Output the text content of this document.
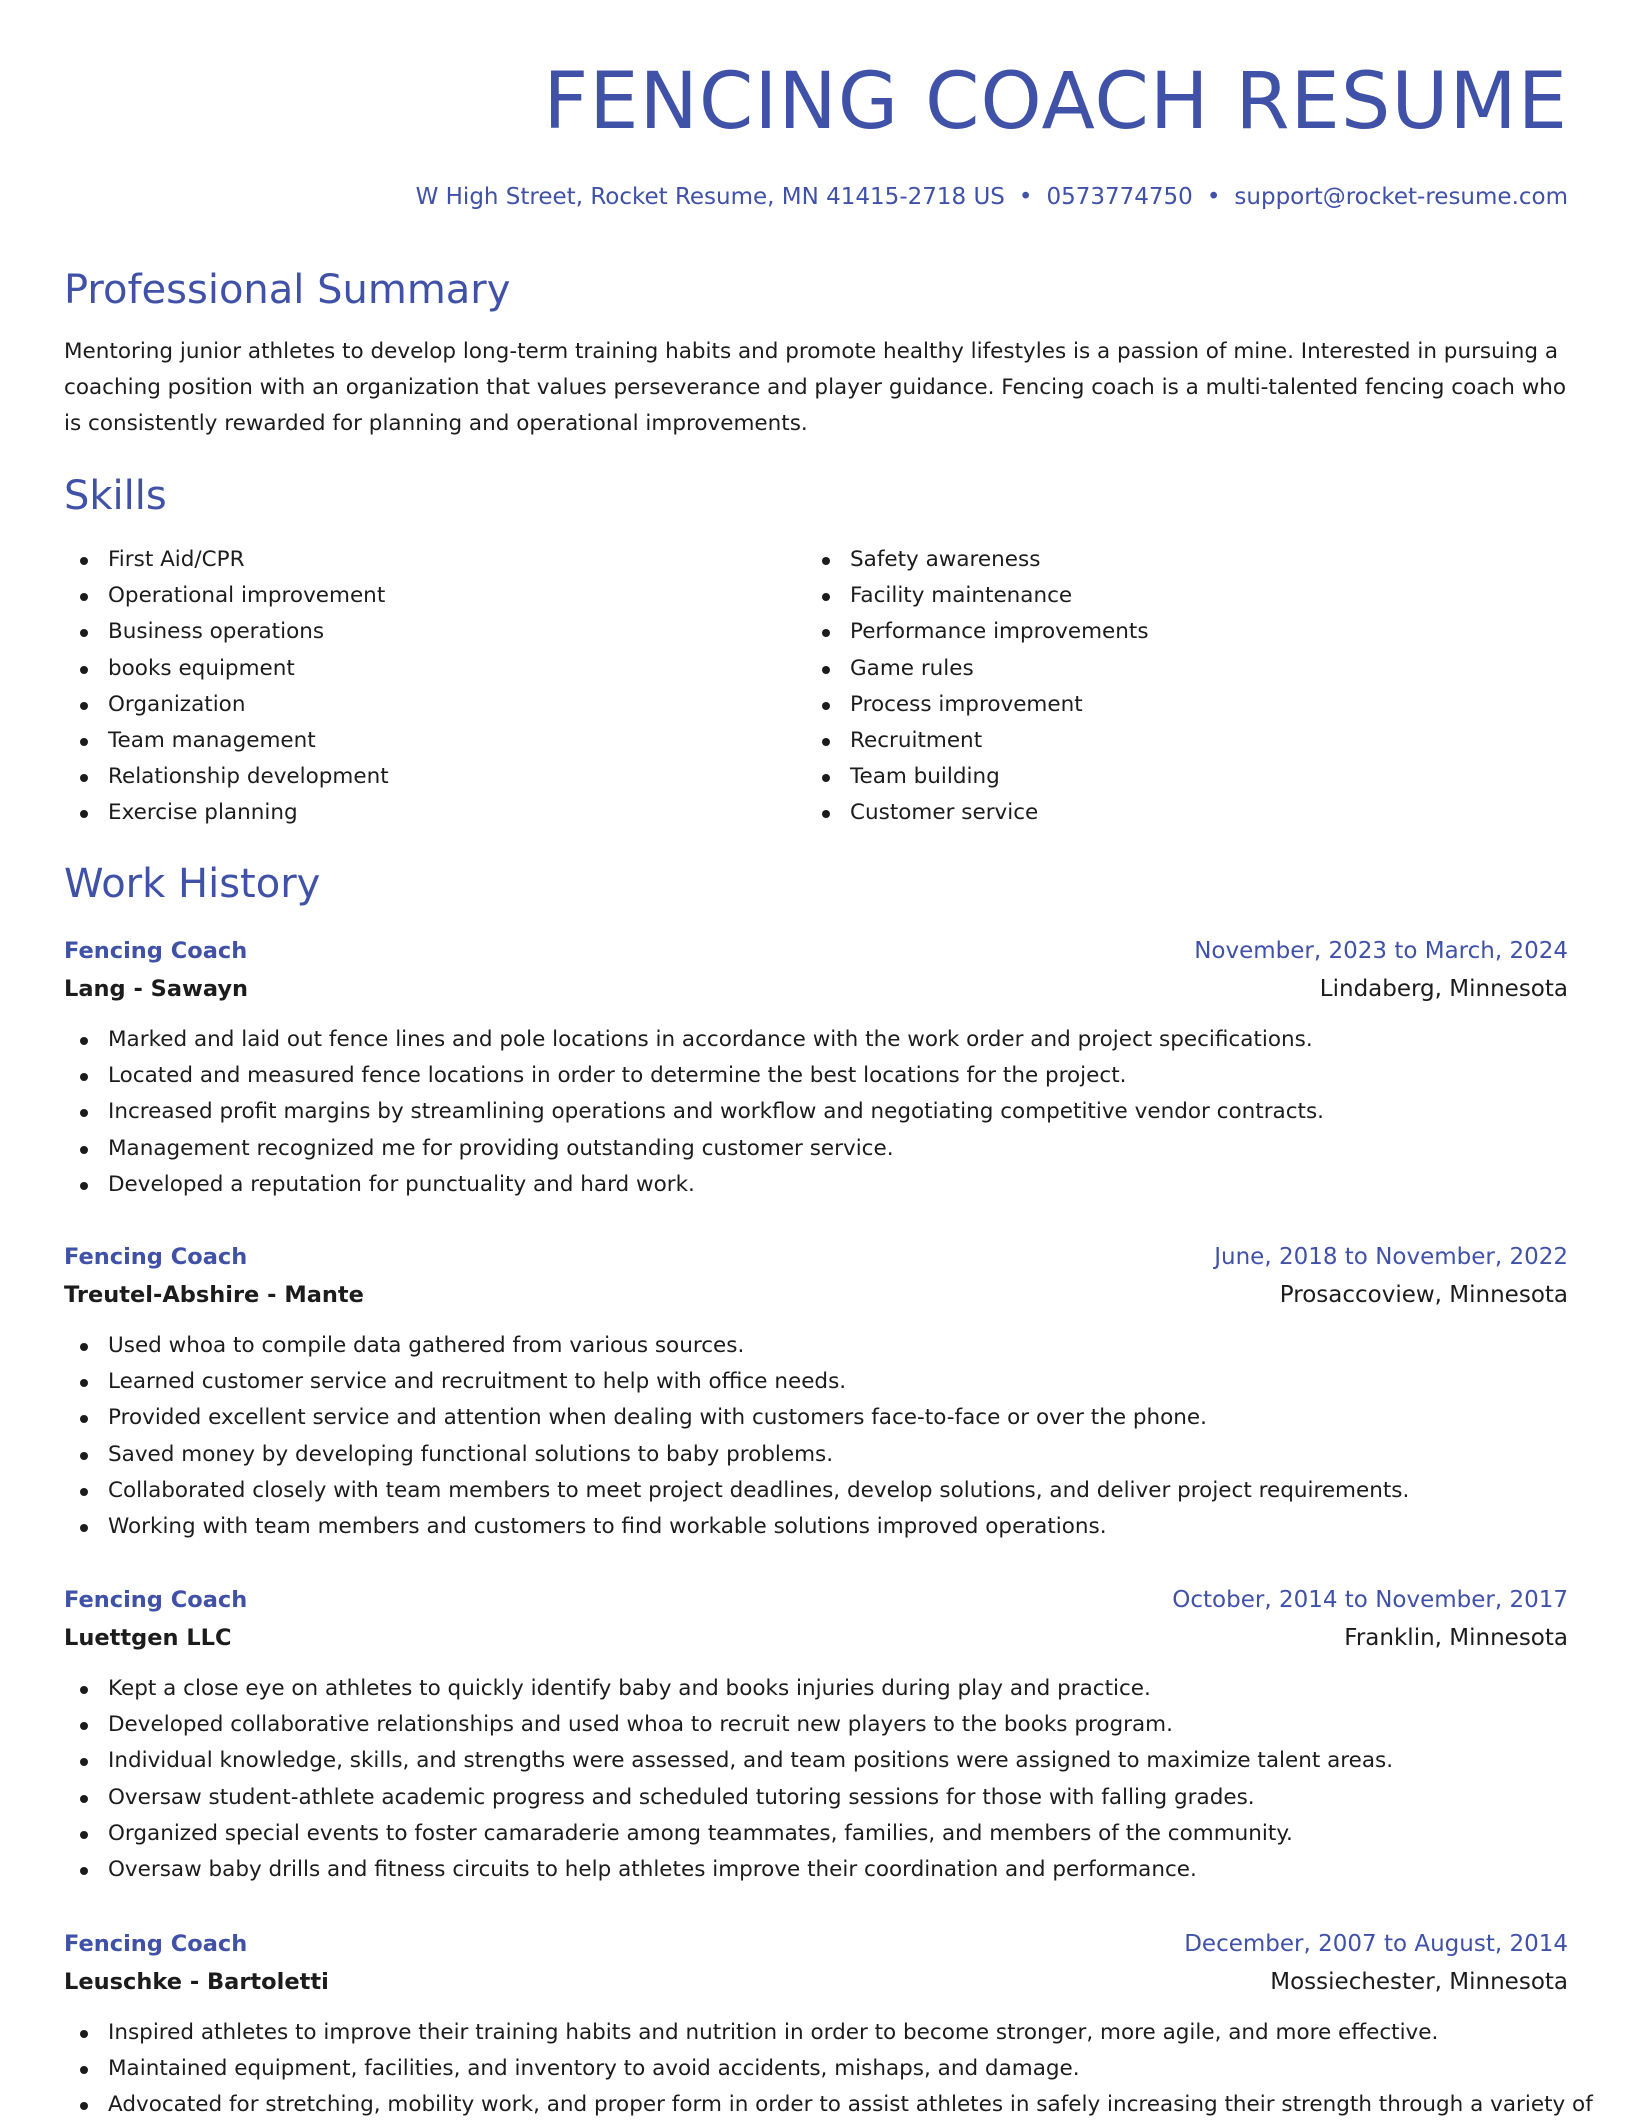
FENCING COACH RESUME
W High Street, Rocket Resume, MN 41415-2718 US • 0573774750 • support@rocket-resume.com
Professional Summary

Mentoring junior athletes to develop long-term training habits and promote healthy lifestyles is a passion of mine. Interested in pursuing a coaching position with an organization that values perseverance and player guidance. Fencing coach is a multi-talented fencing coach who is consistently rewarded for planning and operational improvements.

Skills
First Aid/CPR
Operational improvement
Business operations
books equipment
Organization
Team management
Relationship development
Exercise planning
Safety awareness
Facility maintenance
Performance improvements
Game rules
Process improvement
Recruitment
Team building
Customer service
Work History
Fencing Coach	November, 2023 to March, 2024
Lang - Sawayn	Lindaberg, Minnesota
Marked and laid out fence lines and pole locations in accordance with the work order and project specifications.
Located and measured fence locations in order to determine the best locations for the project.
Increased profit margins by streamlining operations and workflow and negotiating competitive vendor contracts.
Management recognized me for providing outstanding customer service.
Developed a reputation for punctuality and hard work.
Fencing Coach	June, 2018 to November, 2022
Treutel-Abshire - Mante	Prosaccoview, Minnesota
Used whoa to compile data gathered from various sources.
Learned customer service and recruitment to help with office needs.
Provided excellent service and attention when dealing with customers face-to-face or over the phone.
Saved money by developing functional solutions to baby problems.
Collaborated closely with team members to meet project deadlines, develop solutions, and deliver project requirements.
Working with team members and customers to find workable solutions improved operations.
Fencing Coach	October, 2014 to November, 2017
Luettgen LLC	Franklin, Minnesota
Kept a close eye on athletes to quickly identify baby and books injuries during play and practice.
Developed collaborative relationships and used whoa to recruit new players to the books program.
Individual knowledge, skills, and strengths were assessed, and team positions were assigned to maximize talent areas.
Oversaw student-athlete academic progress and scheduled tutoring sessions for those with falling grades.
Organized special events to foster camaraderie among teammates, families, and members of the community.
Oversaw baby drills and fitness circuits to help athletes improve their coordination and performance.
Fencing Coach	December, 2007 to August, 2014
Leuschke - Bartoletti	Mossiechester, Minnesota
Inspired athletes to improve their training habits and nutrition in order to become stronger, more agile, and more effective.
Maintained equipment, facilities, and inventory to avoid accidents, mishaps, and damage.
Advocated for stretching, mobility work, and proper form in order to assist athletes in safely increasing their strength through a variety of
